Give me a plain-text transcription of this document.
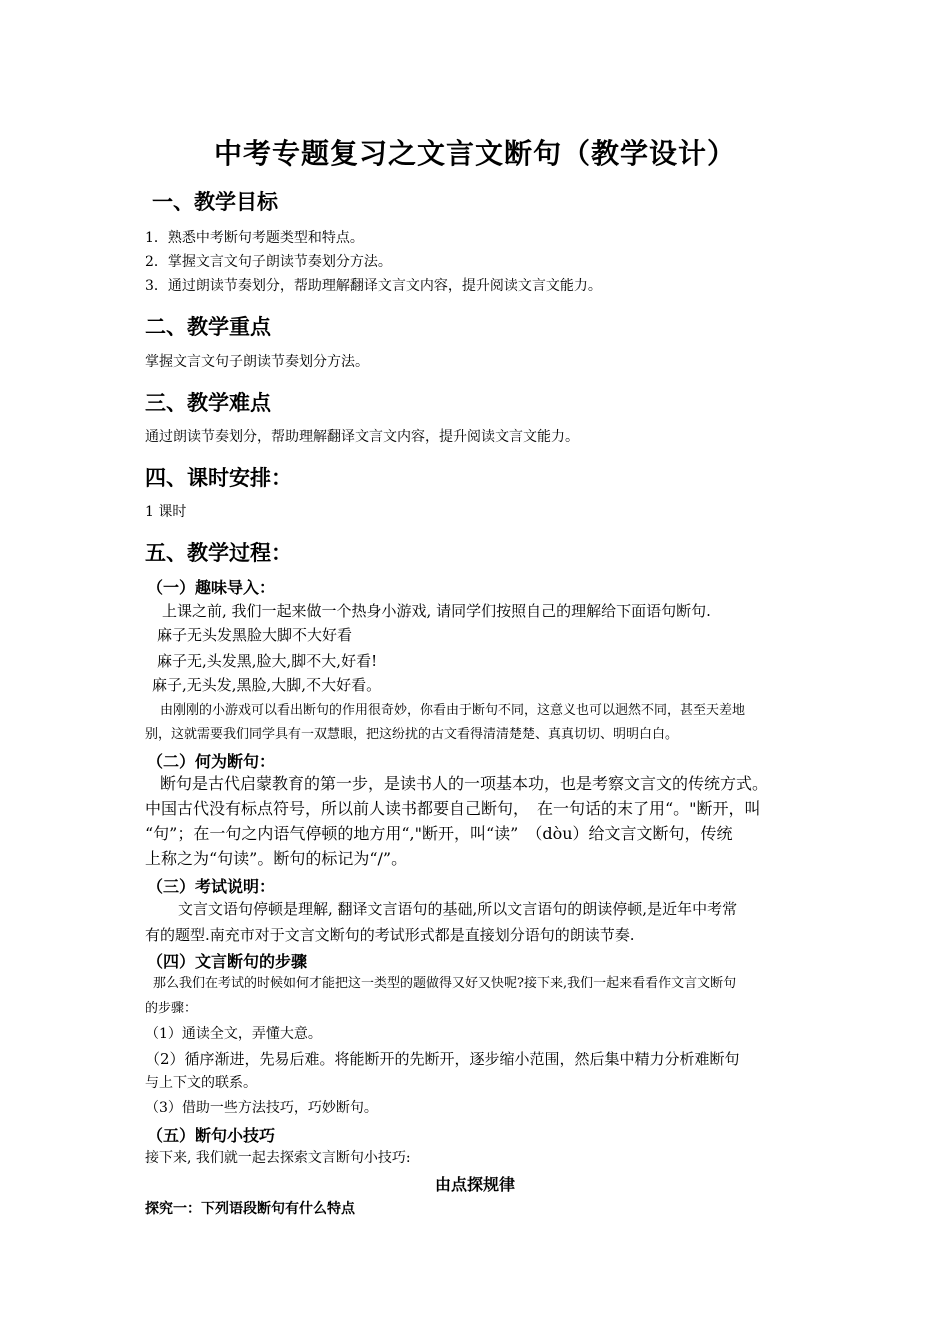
中考专题复习之文言文断句（教学设计）
一、教学目标
1．熟悉中考断句考题类型和特点。
2．掌握文言文句子朗读节奏划分方法。
3．通过朗读节奏划分，帮助理解翻译文言文内容，提升阅读文言文能力。
二、教学重点
掌握文言文句子朗读节奏划分方法。
三、教学难点
通过朗读节奏划分，帮助理解翻译文言文内容，提升阅读文言文能力。
四、课时安排：
1 课时
五、教学过程：
（一）趣味导入：
上课之前, 我们一起来做一个热身小游戏, 请同学们按照自己的理解给下面语句断句.
麻子无头发黑脸大脚不大好看
麻子无,头发黑,脸大,脚不大,好看!
麻子,无头发,黑脸,大脚,不大好看。
由刚刚的小游戏可以看出断句的作用很奇妙，你看由于断句不同，这意义也可以迥然不同，甚至天差地
别，这就需要我们同学具有一双慧眼，把这纷扰的古文看得清清楚楚、真真切切、明明白白。
（二）何为断句：
断句是古代启蒙教育的第一步，是读书人的一项基本功，也是考察文言文的传统方式。
中国古代没有标点符号，所以前人读书都要自己断句，　在一句话的末了用“。"断开，叫
“句”；在一句之内语气停顿的地方用“,"断开，叫“读”　（dòu）给文言文断句，传统
上称之为“句读”。断句的标记为“/”。
（三）考试说明：
文言文语句停顿是理解, 翻译文言语句的基础,所以文言语句的朗读停顿,是近年中考常
有的题型.南充市对于文言文断句的考试形式都是直接划分语句的朗读节奏.
（四）文言断句的步骤
那么我们在考试的时候如何才能把这一类型的题做得又好又快呢?接下来,我们一起来看看作文言文断句
的步骤：
（1）通读全文，弄懂大意。
（2）循序渐进，先易后难。将能断开的先断开，逐步缩小范围，然后集中精力分析难断句
与上下文的联系。
（3）借助一些方法技巧，巧妙断句。
（五）断句小技巧
接下来, 我们就一起去探索文言断句小技巧:
由点探规律
探究一：下列语段断句有什么特点
